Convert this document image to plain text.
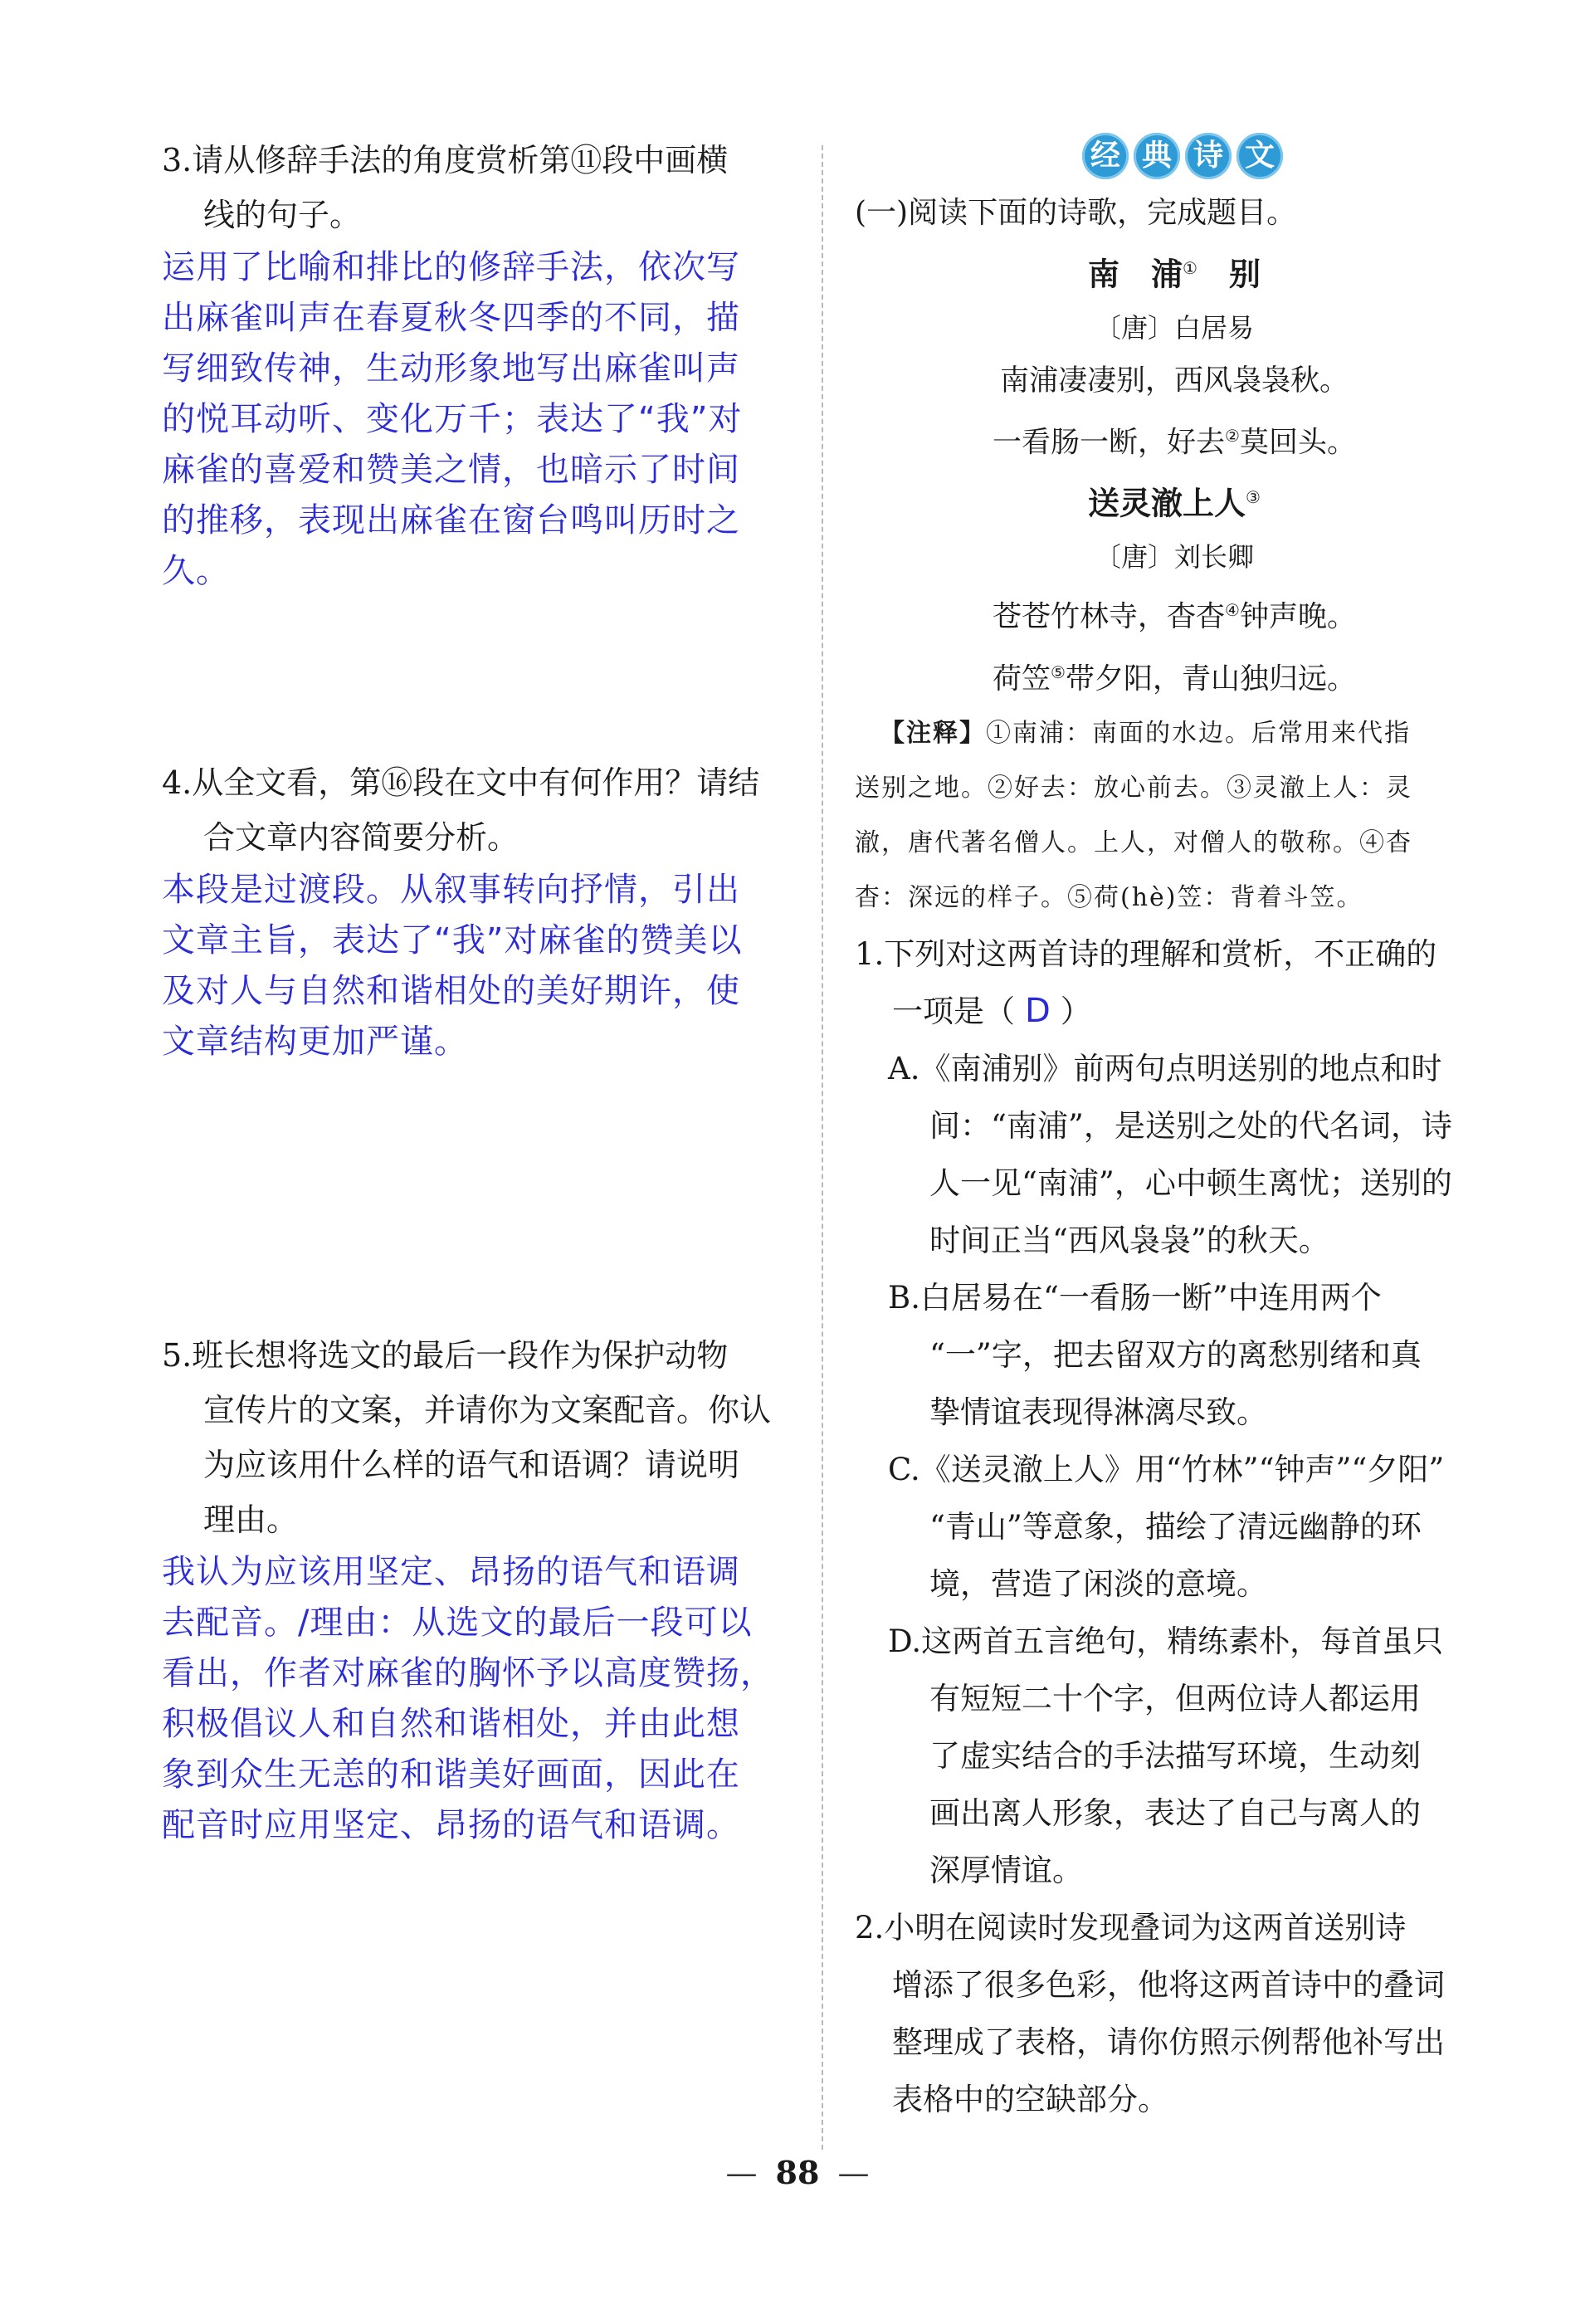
3.请从修辞手法的角度赏析第⑪段中画横

线的句子。

运用了比喻和排比的修辞手法，依次写

出麻雀叫声在春夏秋冬四季的不同，描

写细致传神，生动形象地写出麻雀叫声

的悦耳动听、变化万千；表达了“我”对

麻雀的喜爱和赞美之情，也暗示了时间

的推移，表现出麻雀在窗台鸣叫历时之

久。

4.从全文看，第⑯段在文中有何作用？请结

合文章内容简要分析。

本段是过渡段。从叙事转向抒情，引出

文章主旨，表达了“我”对麻雀的赞美以

及对人与自然和谐相处的美好期许，使

文章结构更加严谨。

5.班长想将选文的最后一段作为保护动物

宣传片的文案，并请你为文案配音。你认

为应该用什么样的语气和语调？请说明

理由。

我认为应该用坚定、昂扬的语气和语调

去配音。/理由：从选文的最后一段可以

看出，作者对麻雀的胸怀予以高度赞扬，

积极倡议人和自然和谐相处，并由此想

象到众生无恙的和谐美好画面，因此在

配音时应用坚定、昂扬的语气和语调。

经 典 诗 文

(一)阅读下面的诗歌，完成题目。

南　浦①　别

〔唐〕白居易

南浦凄凄别，西风袅袅秋。

一看肠一断，好去②莫回头。

送灵澈上人③

〔唐〕刘长卿

苍苍竹林寺，杳杳④钟声晚。

荷笠⑤带夕阳，青山独归远。

【注释】①南浦：南面的水边。后常用来代指

送别之地。②好去：放心前去。③灵澈上人：灵

澈，唐代著名僧人。上人，对僧人的敬称。④杳

杳：深远的样子。⑤荷(hè)笠：背着斗笠。

1.下列对这两首诗的理解和赏析，不正确的

一项是（ D ）

A.《南浦别》前两句点明送别的地点和时

间：“南浦”，是送别之处的代名词，诗

人一见“南浦”，心中顿生离忧；送别的

时间正当“西风袅袅”的秋天。

B.白居易在“一看肠一断”中连用两个

“一”字，把去留双方的离愁别绪和真

挚情谊表现得淋漓尽致。

C.《送灵澈上人》用“竹林”“钟声”“夕阳”

“青山”等意象，描绘了清远幽静的环

境，营造了闲淡的意境。

D.这两首五言绝句，精练素朴，每首虽只

有短短二十个字，但两位诗人都运用

了虚实结合的手法描写环境，生动刻

画出离人形象，表达了自己与离人的

深厚情谊。

2.小明在阅读时发现叠词为这两首送别诗

增添了很多色彩，他将这两首诗中的叠词

整理成了表格，请你仿照示例帮他补写出

表格中的空缺部分。

— 88 —
